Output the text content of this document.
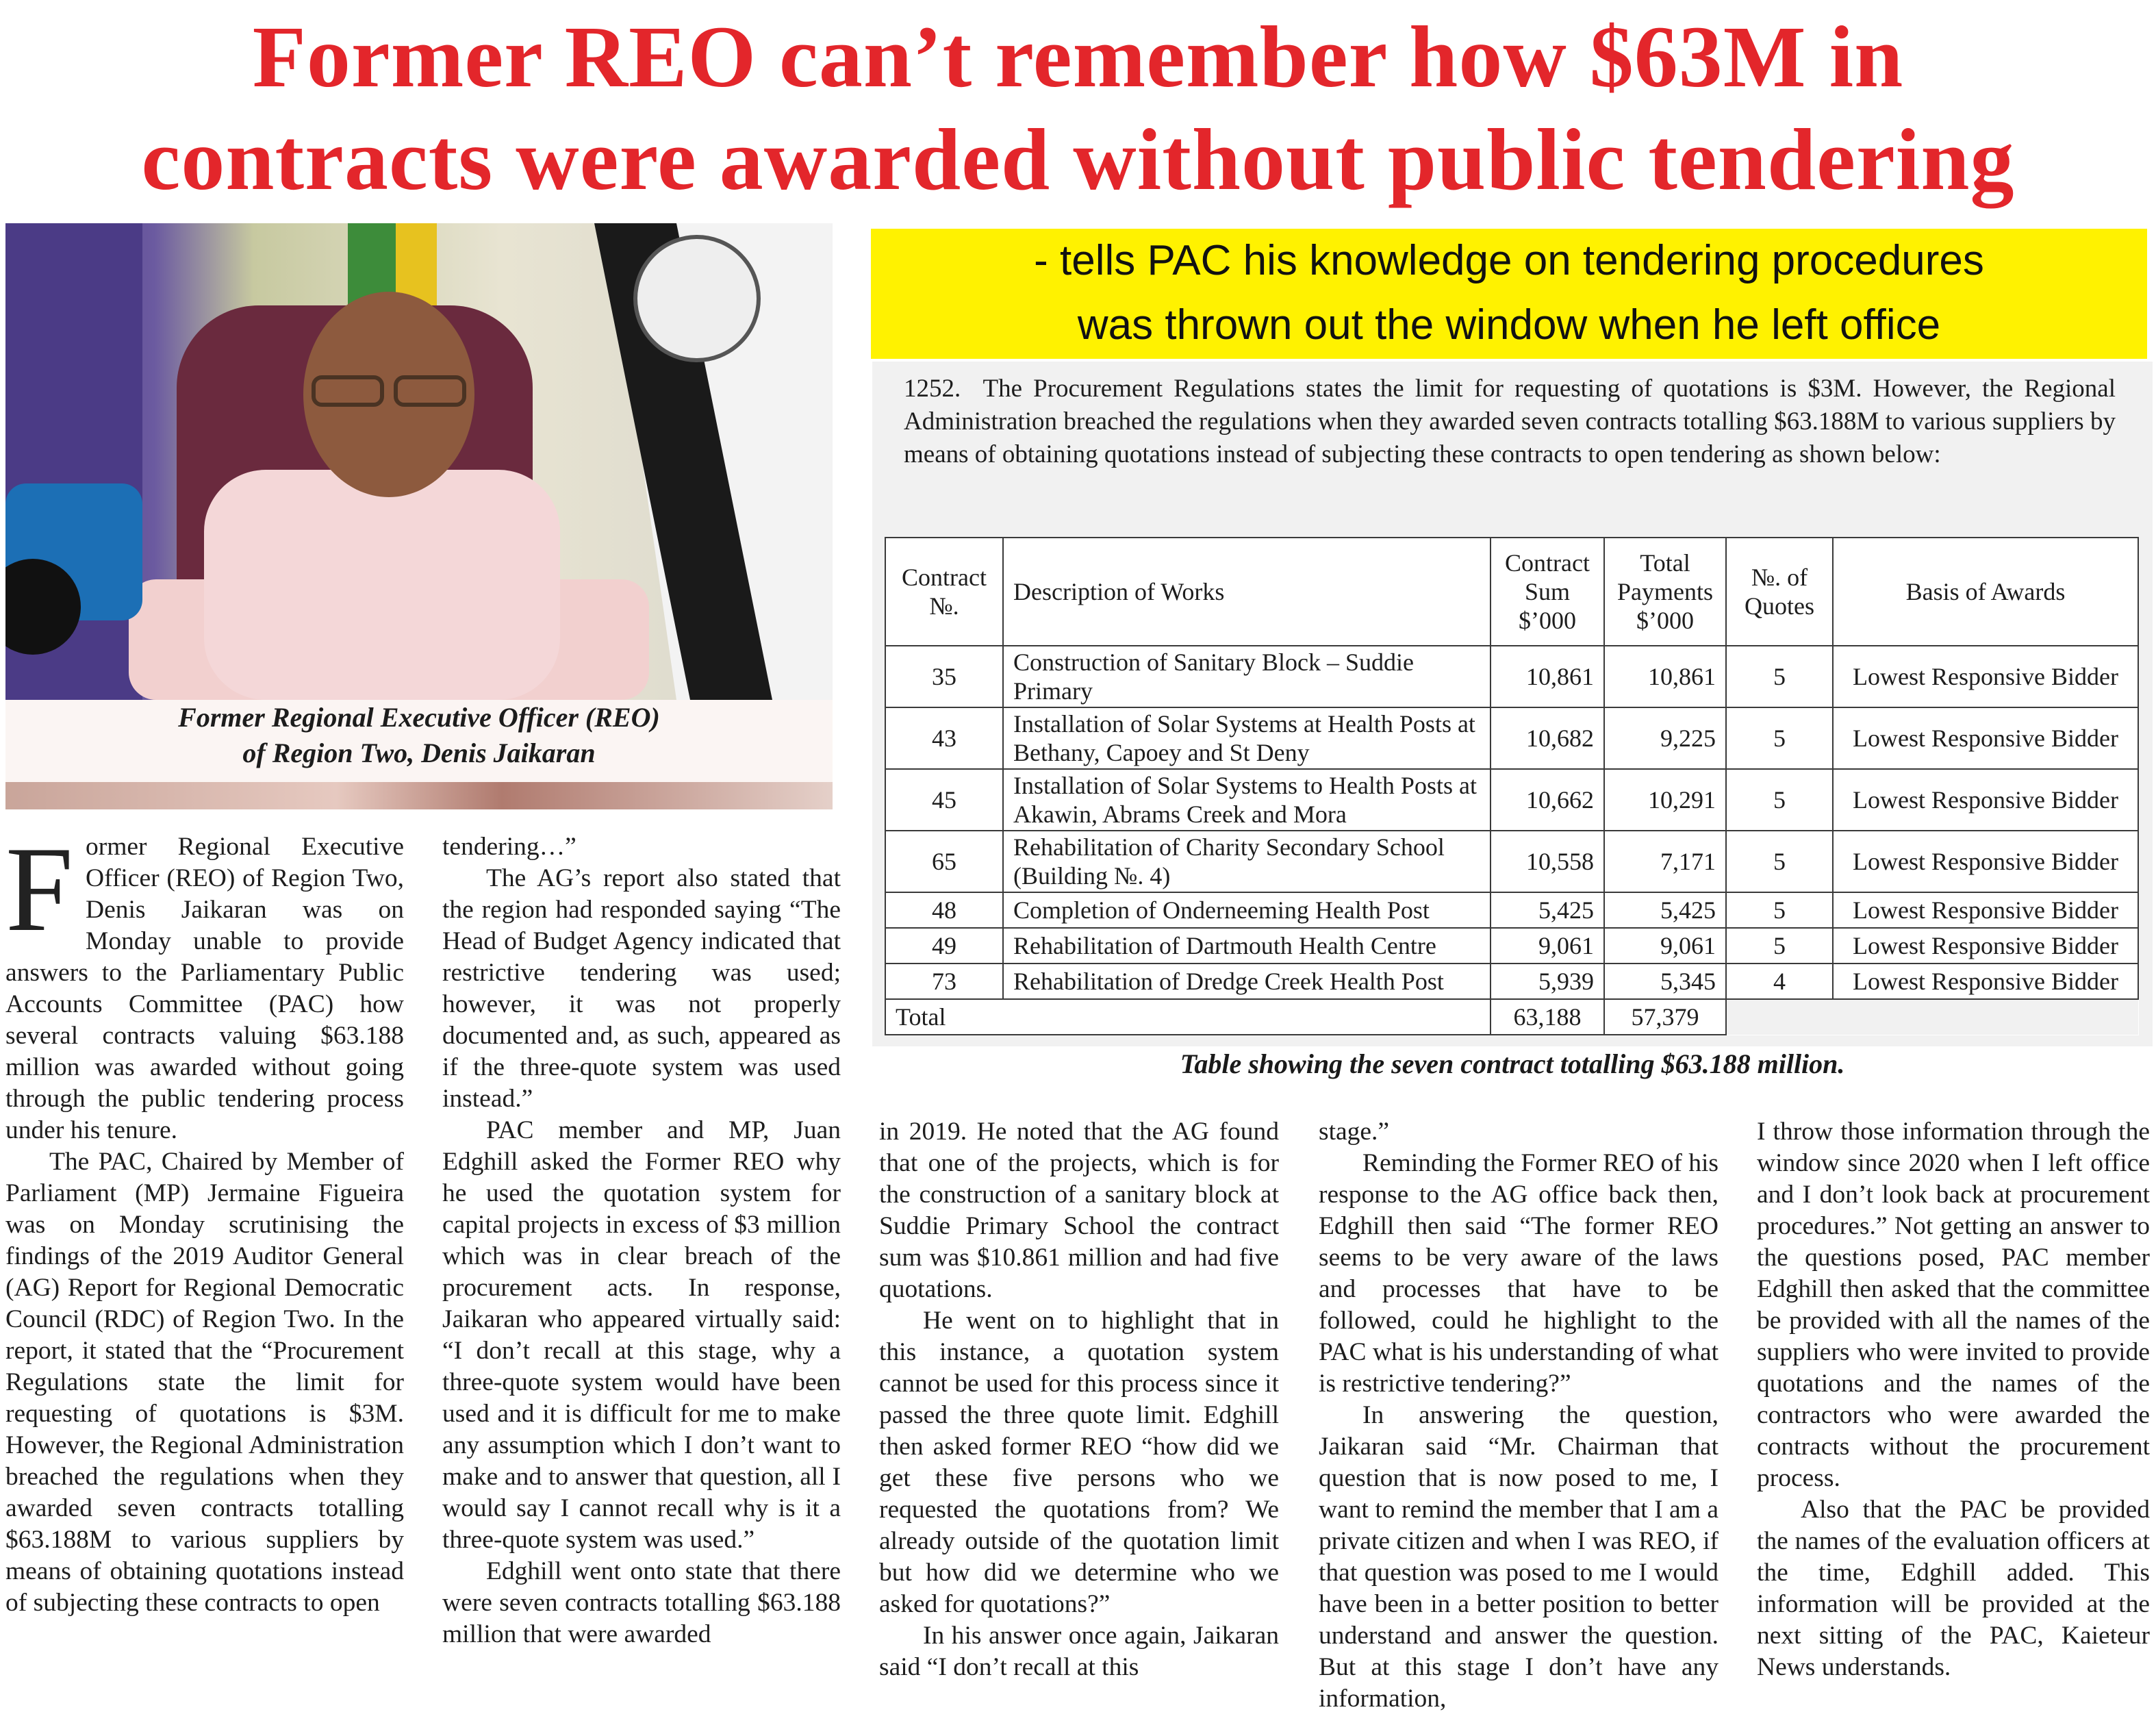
Former REO can’t remember how $63M in
contracts were awarded without public tendering
Former Regional Executive Officer (REO)
of Region Two, Denis Jaikaran
- tells PAC his knowledge on tendering procedures
was thrown out the window when he left office
1252.  The Procurement Regulations states the limit for requesting of quotations is $3M. However, the Regional Administration breached the regulations when they awarded seven contracts totalling $63.188M to various suppliers by means of obtaining quotations instead of subjecting these contracts to open tendering as shown below:
Contract №.	Description of Works	Contract Sum $’000	Total Payments $’000	№. of Quotes	Basis of Awards
35	Construction of Sanitary Block – Suddie Primary	10,861	10,861	5	Lowest Responsive Bidder
43	Installation of Solar Systems at Health Posts at Bethany, Capoey and St Deny	10,682	9,225	5	Lowest Responsive Bidder
45	Installation of Solar Systems to Health Posts at Akawin, Abrams Creek and Mora	10,662	10,291	5	Lowest Responsive Bidder
65	Rehabilitation of Charity Secondary School (Building №. 4)	10,558	7,171	5	Lowest Responsive Bidder
48	Completion of Onderneeming Health Post	5,425	5,425	5	Lowest Responsive Bidder
49	Rehabilitation of Dartmouth Health Centre	9,061	9,061	5	Lowest Responsive Bidder
73	Rehabilitation of Dredge Creek Health Post	5,939	5,345	4	Lowest Responsive Bidder
Total		63,188	57,379		
Table showing the seven contract totalling $63.188 million.

Former Regional Executive Officer (REO) of Region Two, Denis Jaikaran was on Monday unable to provide answers to the Parliamentary Public Accounts Committee (PAC) how several contracts valuing $63.188 million was awarded without going through the public tendering process under his tenure.

The PAC, Chaired by Member of Parliament (MP) Jermaine Figueira was on Monday scrutinising the findings of the 2019 Auditor General (AG) Report for Regional Democratic Council (RDC) of Region Two. In the report, it stated that the “Procurement Regulations state the limit for requesting of quotations is $3M. However, the Regional Administration breached the regulations when they awarded seven contracts totalling $63.188M to various suppliers by means of obtaining quotations instead of subjecting these contracts to open

tendering…”

The AG’s report also stated that the region had responded saying “The Head of Budget Agency indicated that restrictive tendering was used; however, it was not properly documented and, as such, appeared as if the three-quote system was used instead.”

PAC member and MP, Juan Edghill asked the Former REO why he used the quotation system for capital projects in excess of $3 million which was in clear breach of the procurement acts. In response, Jaikaran who appeared virtually said: “I don’t recall at this stage, why a three-quote system would have been used and it is difficult for me to make any assumption which I don’t want to make and to answer that question, all I would say I cannot recall why is it a three-quote system was used.”

Edghill went onto state that there were seven contracts totalling $63.188 million that were awarded

in 2019. He noted that the AG found that one of the projects, which is for the construction of a sanitary block at Suddie Primary School the contract sum was $10.861 million and had five quotations.

He went on to highlight that in this instance, a quotation system cannot be used for this process since it passed the three quote limit. Edghill then asked former REO “how did we get these five persons who we requested the quotations from? We already outside of the quotation limit but how did we determine who we asked for quotations?”

In his answer once again, Jaikaran said “I don’t recall at this

stage.”

Reminding the Former REO of his response to the AG office back then, Edghill then said “The former REO seems to be very aware of the laws and processes that have to be followed, could he highlight to the PAC what is his understanding of what is restrictive tendering?”

In answering the question, Jaikaran said “Mr. Chairman that question that is now posed to me, I want to remind the member that I am a private citizen and when I was REO, if that question was posed to me I would have been in a better position to better understand and answer the question. But at this stage I don’t have any information,

I throw those information through the window since 2020 when I left office and I don’t look back at procurement procedures.” Not getting an answer to the questions posed, PAC member Edghill then asked that the committee be provided with all the names of the suppliers who were invited to provide quotations and the names of the contractors who were awarded the contracts without the procurement process.

Also that the PAC be provided the names of the evaluation officers at the time, Edghill added. This information will be provided at the next sitting of the PAC, Kaieteur News understands.
